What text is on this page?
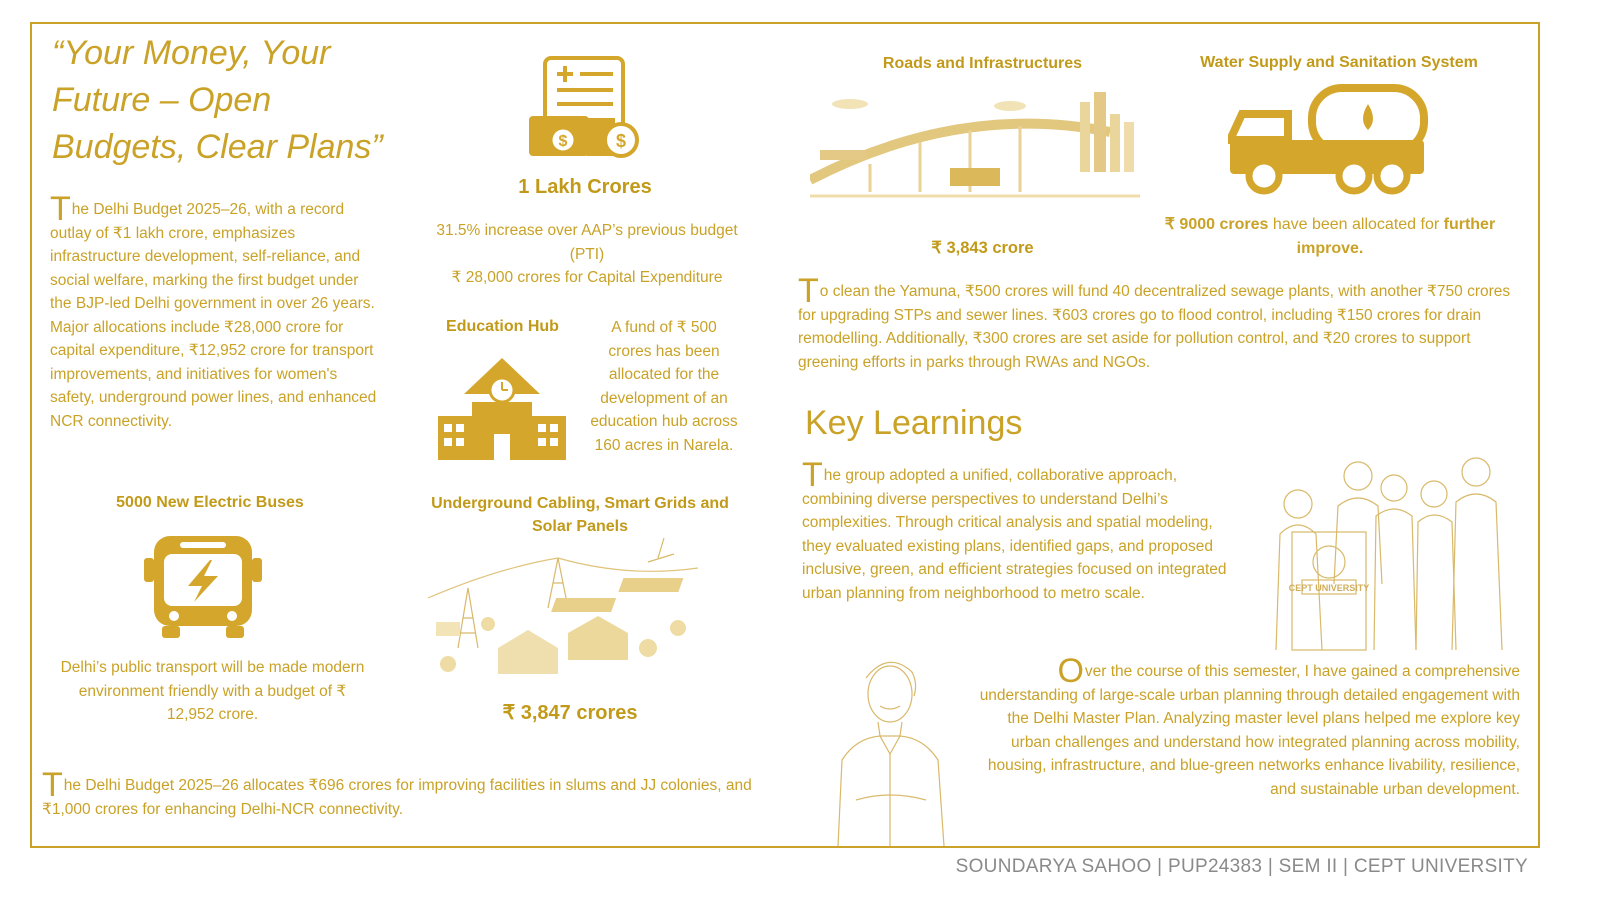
“Your Money, Your Future – Open Budgets, Clear Plans”
The Delhi Budget 2025–26, with a record outlay of ₹1 lakh crore, emphasizes infrastructure development, self-reliance, and social welfare, marking the first budget under the BJP-led Delhi government in over 26 years. Major allocations include ₹28,000 crore for capital expenditure, ₹12,952 crore for transport improvements, and initiatives for women's safety, underground power lines, and enhanced NCR connectivity.
$	$
1 Lakh Crores
31.5% increase over AAP’s previous budget (PTI)
₹ 28,000 crores for Capital Expenditure
Education Hub	A fund of ₹ 500 crores has been allocated for the development of an education hub across 160 acres in Narela.
5000 New Electric Buses
Delhi’s public transport will be made modern environment friendly with a budget of ₹ 12,952 crore.
Underground Cabling, Smart Grids and Solar Panels
₹ 3,847 crores
The Delhi Budget 2025–26 allocates ₹696 crores for improving facilities in slums and JJ colonies, and ₹1,000 crores for enhancing Delhi-NCR connectivity.
Roads and Infrastructures
₹ 3,843 crore
Water Supply and Sanitation System
₹ 9000 crores have been allocated for further improve.
To clean the Yamuna, ₹500 crores will fund 40 decentralized sewage plants, with another ₹750 crores for upgrading STPs and sewer lines. ₹603 crores go to flood control, including ₹150 crores for drain remodelling. Additionally, ₹300 crores are set aside for pollution control, and ₹20 crores to support greening efforts in parks through RWAs and NGOs.
Key Learnings
The group adopted a unified, collaborative approach, combining diverse perspectives to understand Delhi’s complexities. Through critical analysis and spatial modeling, they evaluated existing plans, identified gaps, and proposed inclusive, green, and efficient strategies focused on integrated urban planning from neighborhood to metro scale.	CEPT UNIVERSITY
Over the course of this semester, I have gained a comprehensive understanding of large-scale urban planning through detailed engagement with the Delhi Master Plan. Analyzing master level plans helped me explore key urban challenges and understand how integrated planning across mobility, housing, infrastructure, and blue-green networks enhance livability, resilience, and sustainable urban development.
SOUNDARYA SAHOO | PUP24383 | SEM II | CEPT UNIVERSITY
